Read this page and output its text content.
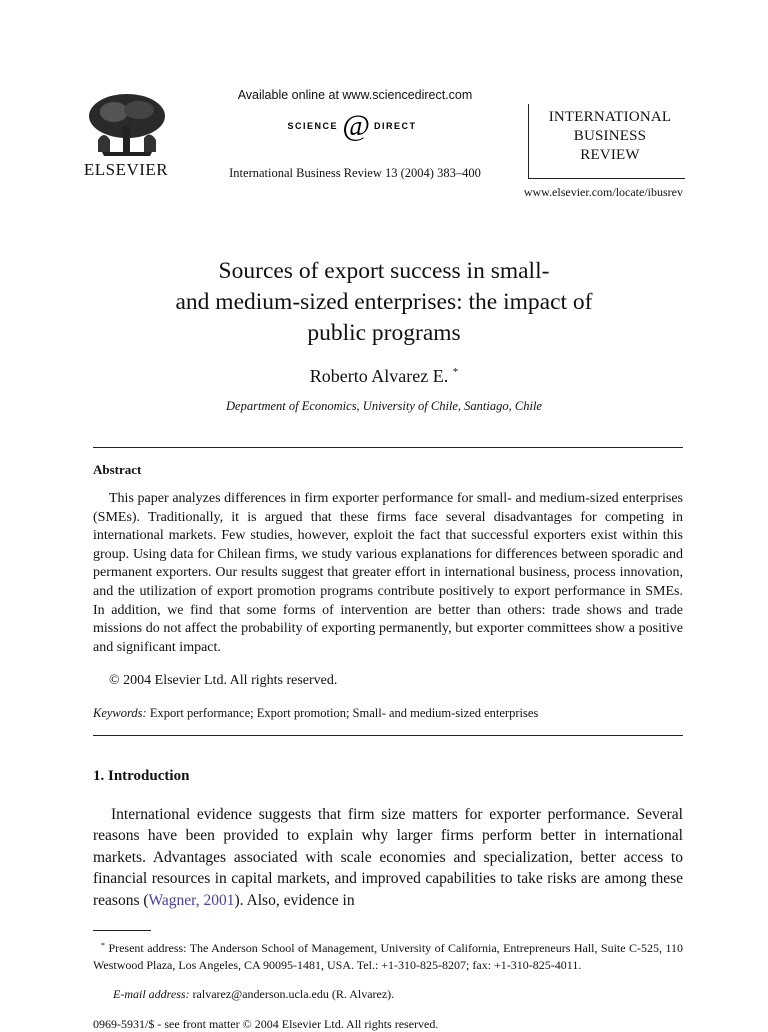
ELSEVIER
Available online at www.sciencedirect.com
SCIENCE @ DIRECT
International Business Review 13 (2004) 383–400
INTERNATIONAL
BUSINESS
REVIEW
www.elsevier.com/locate/ibusrev
Sources of export success in small-
and medium-sized enterprises: the impact of
public programs
Roberto Alvarez E. *
Department of Economics, University of Chile, Santiago, Chile
Abstract
This paper analyzes differences in firm exporter performance for small- and medium-sized enterprises (SMEs). Traditionally, it is argued that these firms face several disadvantages for competing in international markets. Few studies, however, exploit the fact that successful exporters exist within this group. Using data for Chilean firms, we study various explanations for differences between sporadic and permanent exporters. Our results suggest that greater effort in international business, process innovation, and the utilization of export promotion programs contribute positively to export performance in SMEs. In addition, we find that some forms of intervention are better than others: trade shows and trade missions do not affect the probability of exporting permanently, but exporter committees show a positive and significant impact.
© 2004 Elsevier Ltd. All rights reserved.
Keywords: Export performance; Export promotion; Small- and medium-sized enterprises
1. Introduction
International evidence suggests that firm size matters for exporter performance. Several reasons have been provided to explain why larger firms perform better in international markets. Advantages associated with scale economies and specialization, better access to financial resources in capital markets, and improved capabilities to take risks are among these reasons (Wagner, 2001). Also, evidence in
* Present address: The Anderson School of Management, University of California, Entrepreneurs Hall, Suite C-525, 110 Westwood Plaza, Los Angeles, CA 90095-1481, USA. Tel.: +1-310-825-8207; fax: +1-310-825-4011.
E-mail address: ralvarez@anderson.ucla.edu (R. Alvarez).
0969-5931/$ - see front matter © 2004 Elsevier Ltd. All rights reserved.
